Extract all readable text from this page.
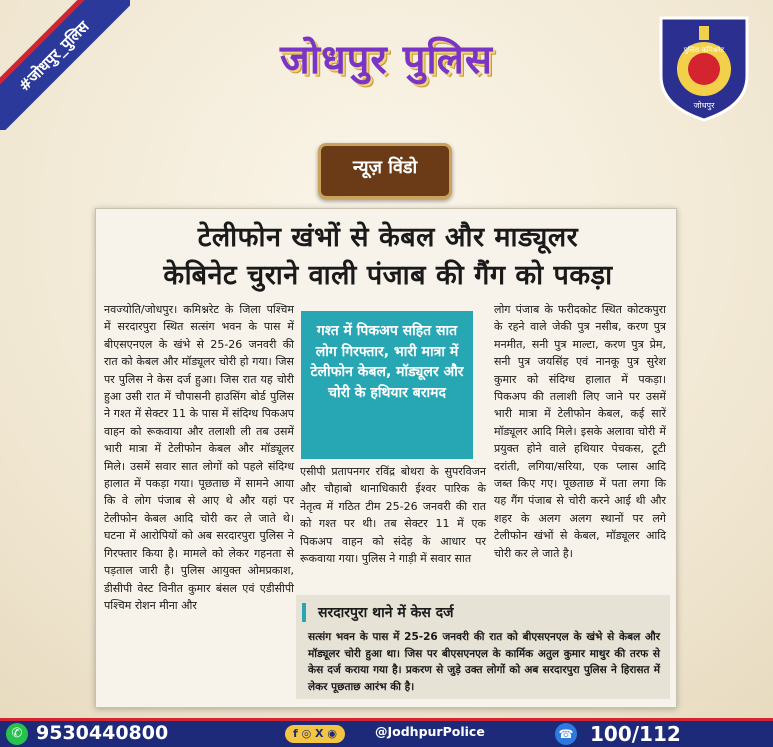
#जोधपुर_पुलिस	जोधपुर पुलिस	पुलिस कमिश्नरेट
जोधपुर
न्यूज़ विंडो
टेलीफोन खंभों से केबल और माड्यूलर
केबिनेट चुराने वाली पंजाब की गैंग को पकड़ा

नवज्योति/जोधपुर। कमिश्नरेट के जिला पश्चिम में सरदारपुरा स्थित सत्संग भवन के पास में बीएसएनएल के खंभे से 25-26 जनवरी की रात को केबल और मॉड्यूलर चोरी हो गया। जिस पर पुलिस ने केस दर्ज हुआ। जिस रात यह चोरी हुआ उसी रात में चौपासनी हाउसिंग बोर्ड पुलिस ने गश्त में सेक्टर 11 के पास में संदिग्ध पिकअप वाहन को रूकवाया और तलाशी ली तब उसमें भारी मात्रा में टेलीफोन केबल और मॉड्यूलर मिले। उसमें सवार सात लोगों को पहले संदिग्ध हालात में पकड़ा गया। पूछताछ में सामने आया कि वे लोग पंजाब से आए थे और यहां पर टेलीफोन केबल आदि चोरी कर ले जाते थे। घटना में आरोपियों को अब सरदारपुरा पुलिस ने गिरफ्तार किया है। मामले को लेकर गहनता से पड़ताल जारी है। पुलिस आयुक्त ओमप्रकाश, डीसीपी वेस्ट विनीत कुमार बंसल एवं एडीसीपी पश्चिम रोशन मीना और

गश्त में पिकअप सहित सात लोग गिरफ्तार, भारी मात्रा में टेलीफोन केबल, मॉड्यूलर और चोरी के हथियार बरामद

एसीपी प्रतापनगर रविंद्र बोथरा के सुपरविजन और चौहाबो थानाधिकारी ईश्वर पारिक के नेतृत्व में गठित टीम 25-26 जनवरी की रात को गश्त पर थी। तब सेक्टर 11 में एक पिकअप वाहन को संदेह के आधार पर रूकवाया गया। पुलिस ने गाड़ी में सवार सात

लोग पंजाब के फरीदकोट स्थित कोटकपुरा के रहने वाले जेकी पुत्र नसीब, करण पुत्र मनमीत, सनी पुत्र माल्टा, करण पुत्र प्रेम, सनी पुत्र जयसिंह एवं नानकू पुत्र सुरेश कुमार को संदिग्ध हालात में पकड़ा। पिकअप की तलाशी लिए जाने पर उसमें भारी मात्रा में टेलीफोन केबल, कई सारें मॉड्यूलर आदि मिले। इसके अलावा चोरी में प्रयुक्त होने वाले हथियार पेचकस, टूटी दरांती, लगिया/सरिया, एक प्लास आदि जब्त किए गए। पूछताछ में पता लगा कि यह गैंग पंजाब से चोरी करने आई थी और शहर के अलग अलग स्थानों पर लगे टेलीफोन खंभों से केबल, मॉड्यूलर आदि चोरी कर ले जाते है।

सरदारपुरा थाने में केस दर्ज
सत्संग भवन के पास में 25-26 जनवरी की रात को बीएसएनएल के खंभे से केबल और मॉड्यूलर चोरी हुआ था। जिस पर बीएसएनएल के कार्मिक अतुल कुमार माथुर की तरफ से केस दर्ज कराया गया है। प्रकरण से जुड़े उक्त लोगों को अब सरदारपुरा पुलिस ने हिरासत में लेकर पूछताछ आरंभ की है।
✆ 9530440800	f ◎ X ◉	@JodhpurPolice	☎ 100/112
